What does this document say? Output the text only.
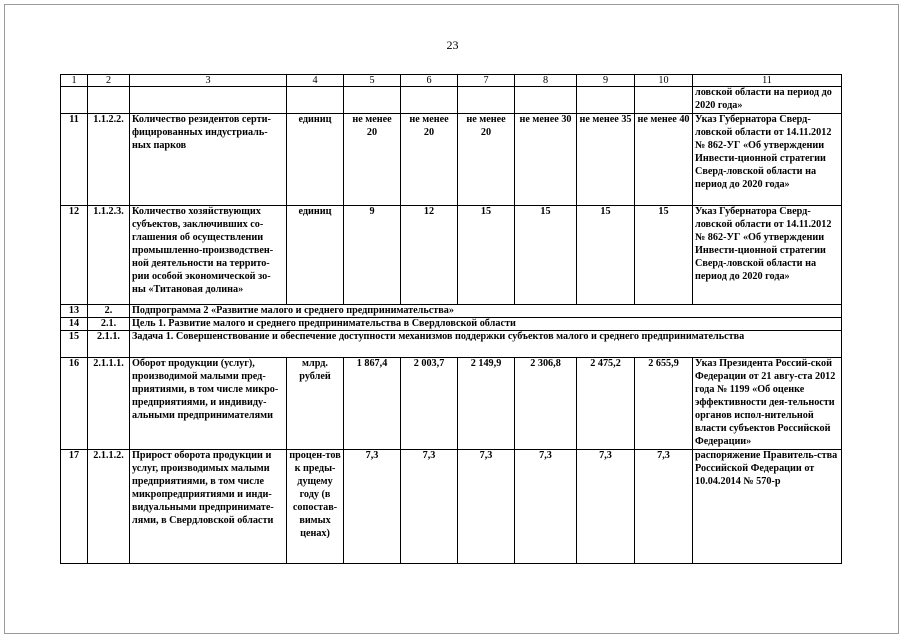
23
1	2	3	4	5	6	7	8	9	10	11
										ловской области на период до 2020 года»
11	1.1.2.2.	Количество резидентов серти-фицированных индустриаль-ных парков	единиц	не менее 20	не менее 20	не менее 20	не менее 30	не менее 35	не менее 40	Указ Губернатора Сверд-ловской области от 14.11.2012 № 862-УГ «Об утверждении Инвести-ционной стратегии Сверд-ловской области на период до 2020 года»
12	1.1.2.3.	Количество хозяйствующих субъектов, заключивших со-глашения об осуществлении промышленно-производствен-ной деятельности на террито-рии особой экономической зо-ны «Титановая долина»	единиц	9	12	15	15	15	15	Указ Губернатора Сверд-ловской области от 14.11.2012 № 862-УГ «Об утверждении Инвести-ционной стратегии Сверд-ловской области на период до 2020 года»
13	2.	Подпрограмма 2 «Развитие малого и среднего предпринимательства»								
14	2.1.	Цель 1. Развитие малого и среднего предпринимательства в Свердловской области								
15	2.1.1.	Задача 1. Совершенствование и обеспечение доступности механизмов поддержки субъектов малого и среднего предпринимательства								
16	2.1.1.1.	Оборот продукции (услуг), производимой малыми пред-приятиями, в том числе микро-предприятиями, и индивиду-альными предпринимателями	млрд. рублей	1 867,4	2 003,7	2 149,9	2 306,8	2 475,2	2 655,9	Указ Президента Россий-ской Федерации от 21 авгу-ста 2012 года № 1199 «Об оценке эффективности дея-тельности органов испол-нительной власти субъектов Российской Федерации»
17	2.1.1.2.	Прирост оборота продукции и услуг, производимых малыми предприятиями, в том числе микропредприятиями и инди-видуальными предпринимате-лями, в Свердловской области	процен-тов к преды-дущему году (в сопостав-вимых ценах)	7,3	7,3	7,3	7,3	7,3	7,3	распоряжение Правитель-ства Российской Федерации от 10.04.2014 № 570-р
